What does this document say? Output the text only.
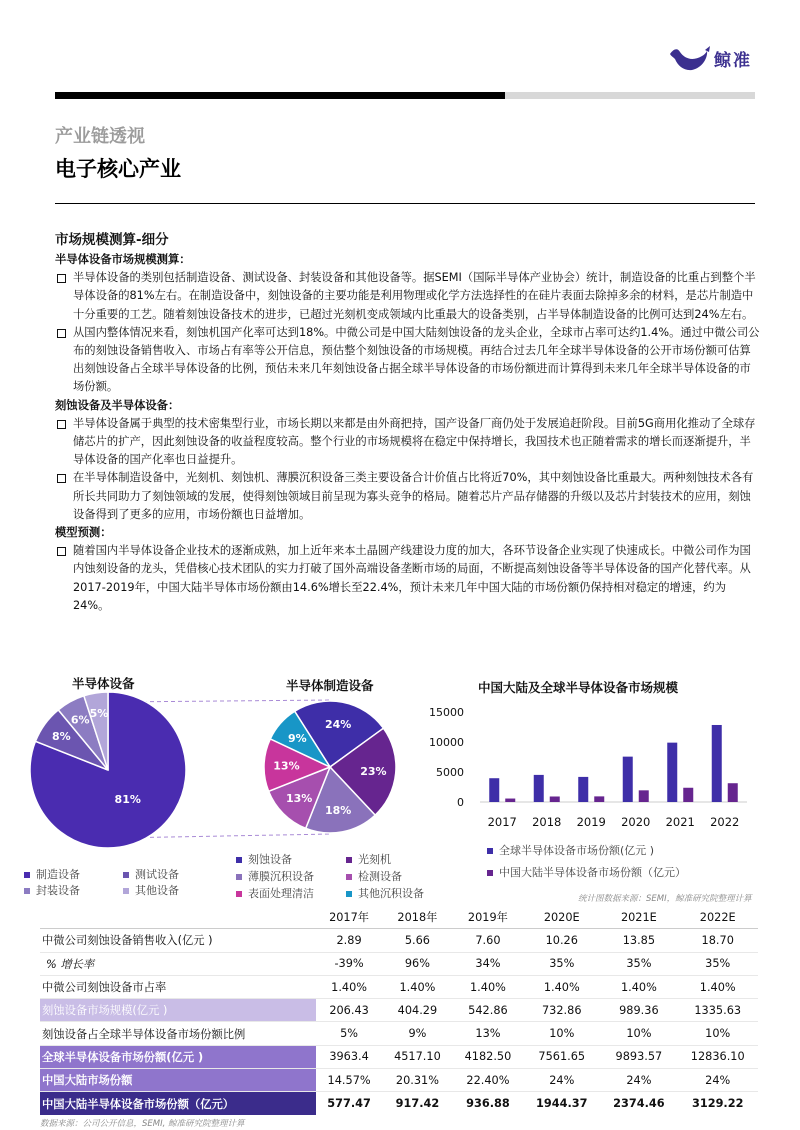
鲸准
产业链透视
电子核心产业
市场规模测算-细分
半导体设备市场规模测算：
半导体设备的类别包括制造设备、测试设备、封装设备和其他设备等。据SEMI（国际半导体产业协会）统计，制造设备的比重占到整个半导体设备的81%左右。在制造设备中，刻蚀设备的主要功能是利用物理或化学方法选择性的在硅片表面去除掉多余的材料，是芯片制造中十分重要的工艺。随着刻蚀设备技术的进步，已超过光刻机变成领域内比重最大的设备类别，占半导体制造设备的比例可达到24%左右。
从国内整体情况来看，刻蚀机国产化率可达到18%。中微公司是中国大陆刻蚀设备的龙头企业，全球市占率可达约1.4%。通过中微公司公布的刻蚀设备销售收入、市场占有率等公开信息，预估整个刻蚀设备的市场规模。再结合过去几年全球半导体设备的公开市场份额可估算出刻蚀设备占全球半导体设备的比例，预估未来几年刻蚀设备占据全球半导体设备的市场份额进而计算得到未来几年全球半导体设备的市场份额。
刻蚀设备及半导体设备：
半导体设备属于典型的技术密集型行业，市场长期以来都是由外商把持，国产设备厂商仍处于发展追赶阶段。目前5G商用化推动了全球存储芯片的扩产，因此刻蚀设备的收益程度较高。整个行业的市场规模将在稳定中保持增长，我国技术也正随着需求的增长而逐渐提升，半导体设备的国产化率也日益提升。
在半导体制造设备中，光刻机、刻蚀机、薄膜沉积设备三类主要设备合计价值占比将近70%，其中刻蚀设备比重最大。两种刻蚀技术各有所长共同助力了刻蚀领域的发展，使得刻蚀领域目前呈现为寡头竞争的格局。随着芯片产品存储器的升级以及芯片封装技术的应用，刻蚀设备得到了更多的应用，市场份额也日益增加。
模型预测：
随着国内半导体设备企业技术的逐渐成熟，加上近年来本土晶圆产线建设力度的加大，各环节设备企业实现了快速成长。中微公司作为国内蚀刻设备的龙头，凭借核心技术团队的实力打破了国外高端设备垄断市场的局面，不断提高刻蚀设备等半导体设备的国产化替代率。从2017-2019年，中国大陆半导体市场份额由14.6%增长至22.4%，预计未来几年中国大陆的市场份额仍保持相对稳定的增速，约为24%。
半导体设备	半导体制造设备	中国大陆及全球半导体设备市场规模
81%
8%
6% 5%
24%
23%
18%
13%
13%
9%
15000
10000
5000
0
2017 2018 2019 2020 2021 2022
制造设备	测试设备
封装设备	其他设备
刻蚀设备	光刻机
薄膜沉积设备	检测设备
表面处理清洁	其他沉积设备
全球半导体设备市场份额(亿元 )
中国大陆半导体设备市场份额（亿元）
统计图数据来源：SEMI，鲸准研究院整理计算
	2017年	2018年	2019年	2020E	2021E	2022E
中微公司刻蚀设备销售收入(亿元 )	2.89	5.66	7.60	10.26	13.85	18.70
% 增长率	-39%	96%	34%	35%	35%	35%
中微公司刻蚀设备市占率	1.40%	1.40%	1.40%	1.40%	1.40%	1.40%
刻蚀设备市场规模(亿元 )	206.43	404.29	542.86	732.86	989.36	1335.63
刻蚀设备占全球半导体设备市场份额比例	5%	9%	13%	10%	10%	10%
全球半导体设备市场份额(亿元 )	3963.4	4517.10	4182.50	7561.65	9893.57	12836.10
中国大陆市场份额	14.57%	20.31%	22.40%	24%	24%	24%
中国大陆半导体设备市场份额（亿元）	577.47	917.42	936.88	1944.37	2374.46	3129.22
数据来源：公司公开信息，SEMI, 鲸准研究院整理计算
